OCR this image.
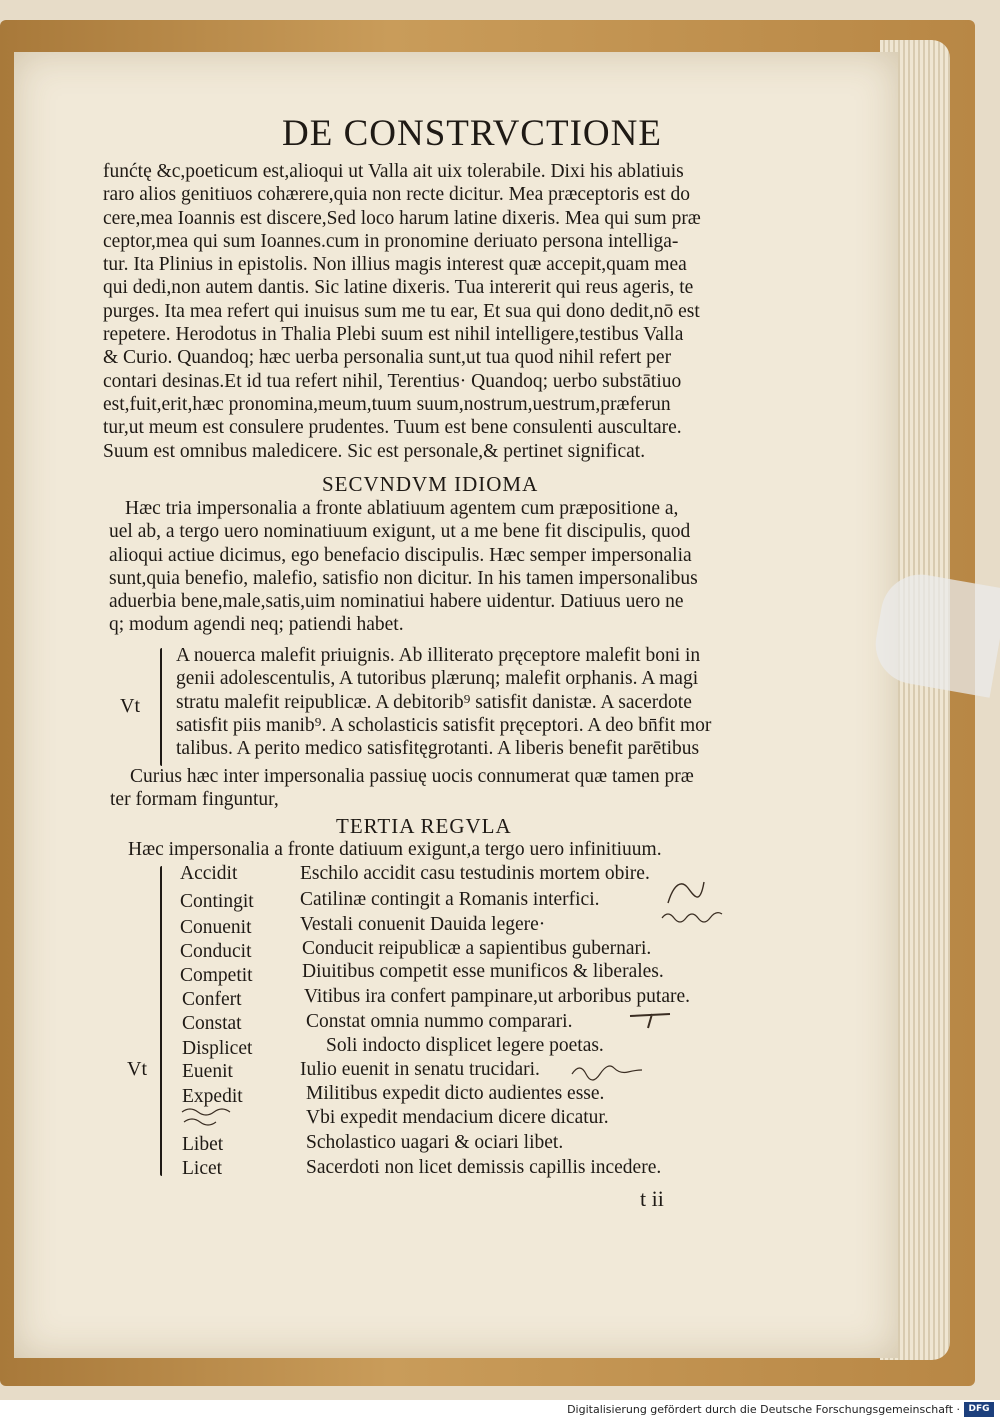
DE CONSTRVCTIONE
funćtę &c,poeticum est,alioqui ut Valla ait uix tolerabile. Dixi his ablatiuis
raro alios genitiuos cohærere,quia non recte dicitur. Mea præceptoris est do
cere,mea Ioannis est discere,Sed loco harum latine dixeris. Mea qui sum præ
ceptor,mea qui sum Ioannes.cum in pronomine deriuato persona intelliga‑
tur. Ita Plinius in epistolis. Non illius magis interest quæ accepit,quam mea
qui dedi,non autem dantis. Sic latine dixeris. Tua intererit qui reus ageris, te
purges. Ita mea refert qui inuisus sum me tu ear, Et sua qui dono dedit,nō est
repetere. Herodotus in Thalia Plebi suum est nihil intelligere,testibus Valla
& Curio. Quandoq; hæc uerba personalia sunt,ut tua quod nihil refert per
contari desinas.Et id tua refert nihil, Terentius· Quandoq; uerbo substātiuo
est,fuit,erit,hæc pronomina,meum,tuum suum,nostrum,uestrum,præferun
tur,ut meum est consulere prudentes. Tuum est bene consulenti auscultare.
Suum est omnibus maledicere. Sic est personale,& pertinet significat.
SECVNDVM IDIOMA
Hæc tria impersonalia a fronte ablatiuum agentem cum præpositione a,
uel ab, a tergo uero nominatiuum exigunt, ut a me bene fit discipulis, quod
alioqui actiue dicimus, ego benefacio discipulis. Hæc semper impersonalia
sunt,quia benefio, malefio, satisfio non dicitur. In his tamen impersonalibus
aduerbia bene,male,satis,uim nominatiui habere uidentur. Datiuus uero ne
q; modum agendi neq; patiendi habet.
Vt
A nouerca malefit priuignis. Ab illiterato pręceptore malefit boni in
genii adolescentulis, A tutoribus plærunq; malefit orphanis. A magi
stratu malefit reipublicæ. A debitorib⁹ satisfit danistæ. A sacerdote
satisfit piis manib⁹. A scholasticis satisfit pręceptori. A deo bn̄fit mor
talibus. A perito medico satisfitęgrotanti. A liberis benefit parētibus
Curius hæc inter impersonalia passiuę uocis connumerat quæ tamen præ
ter formam finguntur,
TERTIA REGVLA
Hæc impersonalia a fronte datiuum exigunt,a tergo uero infinitiuum.
Vt
Accidit	Eschilo accidit casu testudinis mortem obire.
Contingit Catilinæ contingit a Romanis interfici.
Conuenit Vestali conuenit Dauida legere·
Conducit	Conducit reipublicæ a sapientibus gubernari.
Competit	Diuitibus competit esse munificos & liberales.
Confert	Vitibus ira confert pampinare,ut arboribus putare.
Constat	Constat omnia nummo comparari.
Displicet	Soli indocto displicet legere poetas.
Euenit	Iulio euenit in senatu trucidari.
Expedit	Militibus expedit dicto audientes esse.
Vbi expedit mendacium dicere dicatur.
Libet	Scholastico uagari & ociari libet.
Licet	Sacerdoti non licet demissis capillis incedere.
t ii
Digitalisierung gefördert durch die Deutsche Forschungsgemeinschaft · DFG
